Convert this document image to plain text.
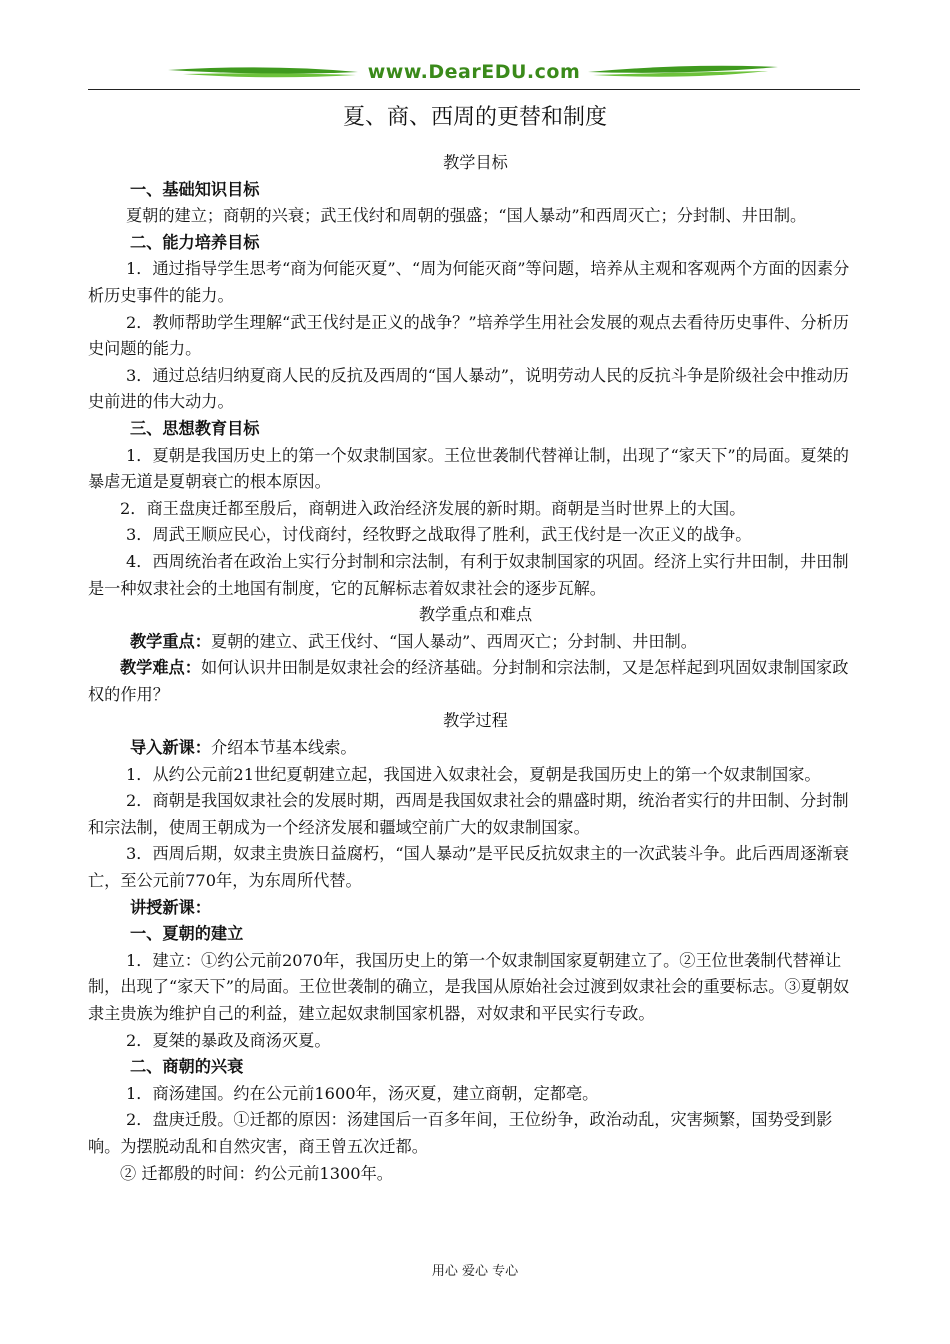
www.DearEDU.com
夏、商、西周的更替和制度

教学目标

一、基础知识目标

夏朝的建立；商朝的兴衰；武王伐纣和周朝的强盛；“国人暴动”和西周灭亡；分封制、井田制。

二、能力培养目标

1．通过指导学生思考“商为何能灭夏”、“周为何能灭商”等问题，培养从主观和客观两个方面的因素分析历史事件的能力。

2．教师帮助学生理解“武王伐纣是正义的战争？”培养学生用社会发展的观点去看待历史事件、分析历史问题的能力。

3．通过总结归纳夏商人民的反抗及西周的“国人暴动”，说明劳动人民的反抗斗争是阶级社会中推动历史前进的伟大动力。

三、思想教育目标

1．夏朝是我国历史上的第一个奴隶制国家。王位世袭制代替禅让制，出现了“家天下”的局面。夏桀的暴虐无道是夏朝衰亡的根本原因。

2．商王盘庚迁都至殷后，商朝进入政治经济发展的新时期。商朝是当时世界上的大国。

3．周武王顺应民心，讨伐商纣，经牧野之战取得了胜利，武王伐纣是一次正义的战争。

4．西周统治者在政治上实行分封制和宗法制，有利于奴隶制国家的巩固。经济上实行井田制，井田制是一种奴隶社会的土地国有制度，它的瓦解标志着奴隶社会的逐步瓦解。

教学重点和难点

教学重点：夏朝的建立、武王伐纣、“国人暴动”、西周灭亡；分封制、井田制。

教学难点：如何认识井田制是奴隶社会的经济基础。分封制和宗法制，又是怎样起到巩固奴隶制国家政权的作用？

教学过程

导入新课：介绍本节基本线索。

1．从约公元前21世纪夏朝建立起，我国进入奴隶社会，夏朝是我国历史上的第一个奴隶制国家。

2．商朝是我国奴隶社会的发展时期，西周是我国奴隶社会的鼎盛时期，统治者实行的井田制、分封制和宗法制，使周王朝成为一个经济发展和疆域空前广大的奴隶制国家。

3．西周后期，奴隶主贵族日益腐朽，“国人暴动”是平民反抗奴隶主的一次武装斗争。此后西周逐渐衰亡，至公元前770年，为东周所代替。

讲授新课：

一、夏朝的建立

1．建立：①约公元前2070年，我国历史上的第一个奴隶制国家夏朝建立了。②王位世袭制代替禅让制，出现了“家天下”的局面。王位世袭制的确立，是我国从原始社会过渡到奴隶社会的重要标志。③夏朝奴隶主贵族为维护自己的利益，建立起奴隶制国家机器，对奴隶和平民实行专政。

2．夏桀的暴政及商汤灭夏。

二、商朝的兴衰

1．商汤建国。约在公元前1600年，汤灭夏，建立商朝，定都亳。

2．盘庚迁殷。①迁都的原因：汤建国后一百多年间，王位纷争，政治动乱，灾害频繁，国势受到影响。为摆脱动乱和自然灾害，商王曾五次迁都。

② 迁都殷的时间：约公元前1300年。

用心 爱心 专心
